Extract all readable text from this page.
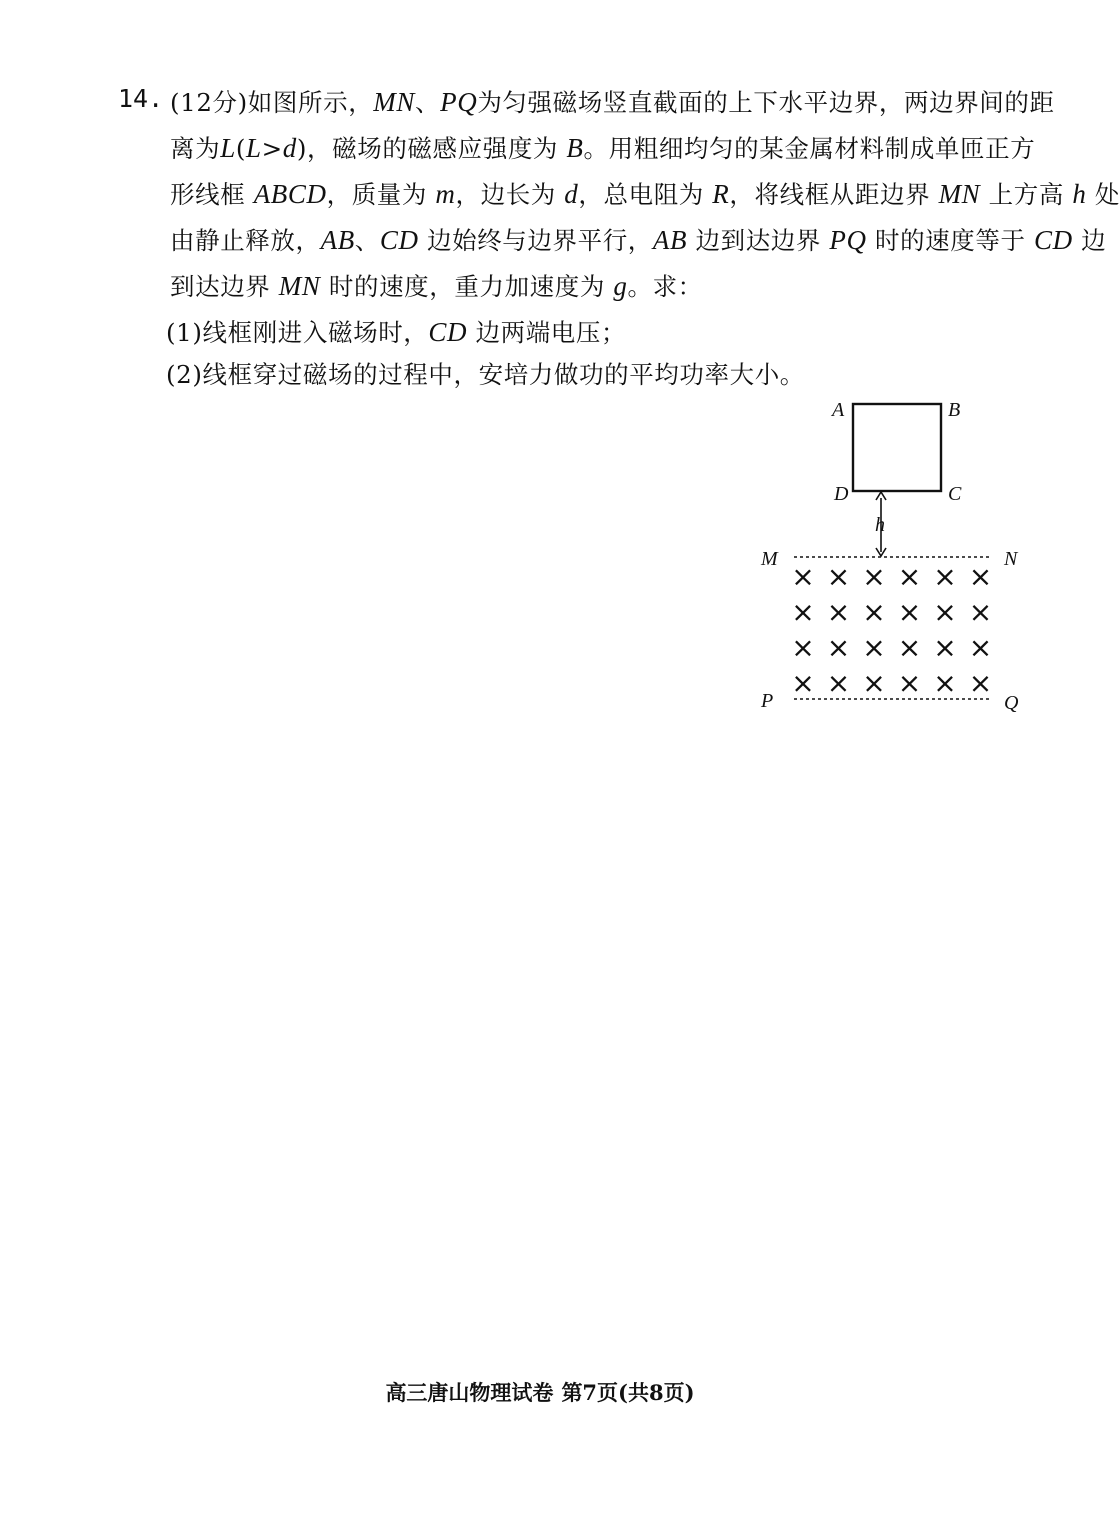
14. (12分)如图所示，MN、PQ为匀强磁场竖直截面的上下水平边界，两边界间的距
离为L(L>d)，磁场的磁感应强度为 B。用粗细均匀的某金属材料制成单匝正方
形线框 ABCD，质量为 m，边长为 d，总电阻为 R，将线框从距边界 MN 上方高 h 处
由静止释放，AB、CD 边始终与边界平行，AB 边到达边界 PQ 时的速度等于 CD 边
到达边界 MN 时的速度，重力加速度为 g。求：
(1)线框刚进入磁场时，CD 边两端电压；
(2)线框穿过磁场的过程中，安培力做功的平均功率大小。
A	B
C
D
h
M	N
× × × × × ×
× × × × × ×
× × × × × ×
× × × × × ×
P	Q
高三唐山物理试卷 第7页(共8页)
